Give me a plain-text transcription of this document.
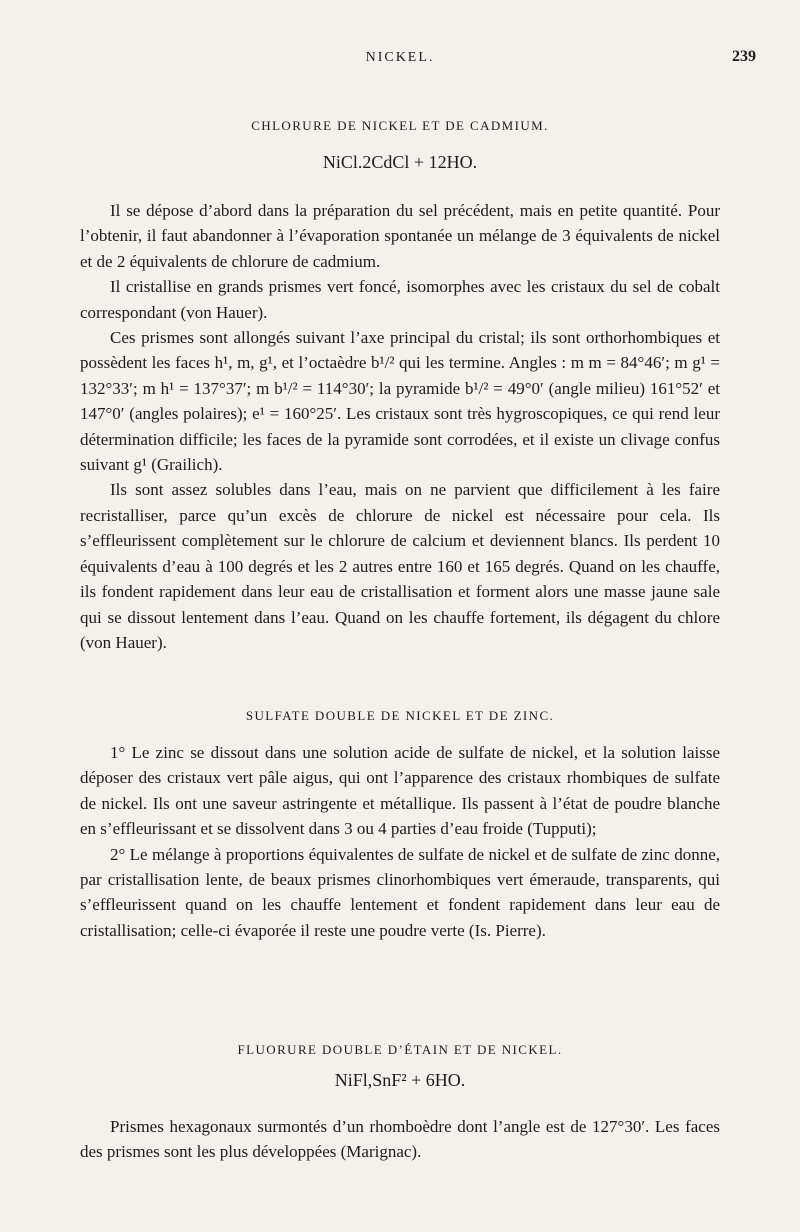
NICKEL.	239
CHLORURE DE NICKEL ET DE CADMIUM.
NiCl.2CdCl + 12HO.

Il se dépose d’abord dans la préparation du sel précédent, mais en petite quantité. Pour l’obtenir, il faut abandonner à l’évaporation spontanée un mélange de 3 équivalents de nickel et de 2 équivalents de chlorure de cadmium.

Il cristallise en grands prismes vert foncé, isomorphes avec les cristaux du sel de cobalt correspondant (von Hauer).

Ces prismes sont allongés suivant l’axe principal du cristal; ils sont orthorhombiques et possèdent les faces h¹, m, g¹, et l’octaèdre b¹/² qui les termine. Angles : m m = 84°46′; m g¹ = 132°33′; m h¹ = 137°37′; m b¹/² = 114°30′; la pyramide b¹/² = 49°0′ (angle milieu) 161°52′ et 147°0′ (angles polaires); e¹ = 160°25′. Les cristaux sont très hygroscopiques, ce qui rend leur détermination difficile; les faces de la pyramide sont corrodées, et il existe un clivage confus suivant g¹ (Grailich).

Ils sont assez solubles dans l’eau, mais on ne parvient que difficilement à les faire recristalliser, parce qu’un excès de chlorure de nickel est nécessaire pour cela. Ils s’effleurissent complètement sur le chlorure de calcium et deviennent blancs. Ils perdent 10 équivalents d’eau à 100 degrés et les 2 autres entre 160 et 165 degrés. Quand on les chauffe, ils fondent rapidement dans leur eau de cristallisation et forment alors une masse jaune sale qui se dissout lentement dans l’eau. Quand on les chauffe fortement, ils dégagent du chlore (von Hauer).

SULFATE DOUBLE DE NICKEL ET DE ZINC.

1° Le zinc se dissout dans une solution acide de sulfate de nickel, et la solution laisse déposer des cristaux vert pâle aigus, qui ont l’apparence des cristaux rhombiques de sulfate de nickel. Ils ont une saveur astringente et métallique. Ils passent à l’état de poudre blanche en s’effleurissant et se dissolvent dans 3 ou 4 parties d’eau froide (Tupputi);

2° Le mélange à proportions équivalentes de sulfate de nickel et de sulfate de zinc donne, par cristallisation lente, de beaux prismes clinorhombiques vert émeraude, transparents, qui s’effleurissent quand on les chauffe lentement et fondent rapidement dans leur eau de cristallisation; celle-ci évaporée il reste une poudre verte (Is. Pierre).

FLUORURE DOUBLE D’ÉTAIN ET DE NICKEL.
NiFl,SnF² + 6HO.

Prismes hexagonaux surmontés d’un rhomboèdre dont l’angle est de 127°30′. Les faces des prismes sont les plus développées (Marignac).
